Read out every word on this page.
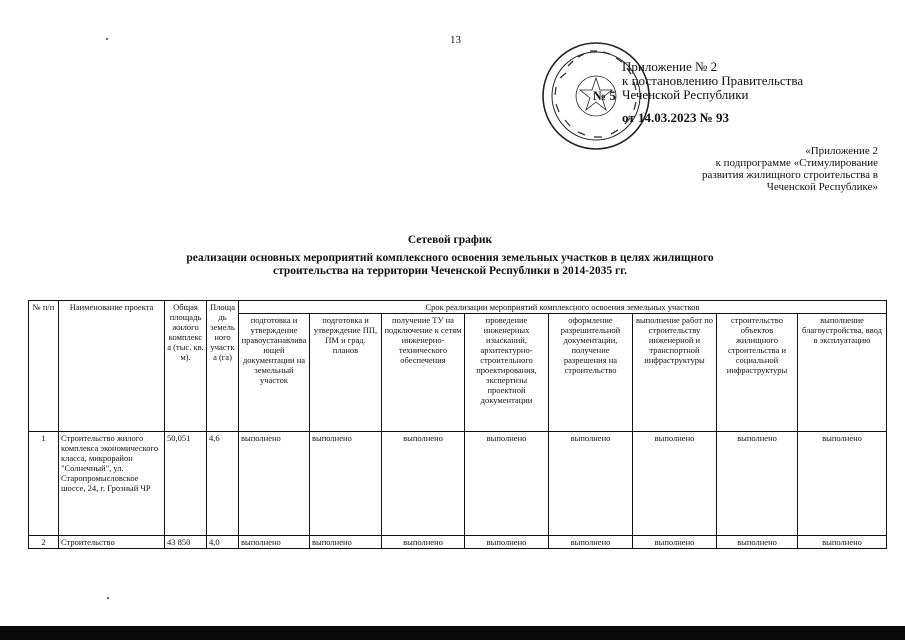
13
№ 5
Приложение № 2
к постановлению Правительства
Чеченской Республики
от 14.03.2023 № 93
«Приложение 2
к подпрограмме «Стимулирование
развития жилищного строительства в
Чеченской Республике»
Сетевой график
реализации основных мероприятий комплексного освоения земельных участков в целях жилищного
строительства на территории Чеченской Республики в 2014-2035 гг.
№ п/п	Наименование проекта	Общая площадь жилого комплекса (тыс. кв. м).	Площадь земельного участка (га)	Срок реализации мероприятий комплексного освоения земельных участков							
				подготовка и утверждение правоустанавливающей документации на земельный участок	подготовка и утверждение ПП, ПМ и град. планов	получение ТУ на подключение к сетям инженерно-технического обеспечения	проведение инженерных изысканий, архитектурно-строительного проектирования, экспертизы проектной документации	оформление разрешительной документации, получение разрешения на строительство	выполнение работ по строительству инженерной и транспортной инфраструктуры	строительство объектов жилищного строительства и социальной инфраструктуры	выполнение благоустройства, ввод в эксплуатацию
1	Строительство жилого комплекса экономического класса, микрорайон "Солнечный", ул. Старопромысловское шоссе, 24, г. Грозный ЧР	50,051	4,6	выполнено	выполнено	выполнено	выполнено	выполнено	выполнено	выполнено	выполнено
2	Строительство	43 850	4,0	выполнено	выполнено	выполнено	выполнено	выполнено	выполнено	выполнено	выполнено
